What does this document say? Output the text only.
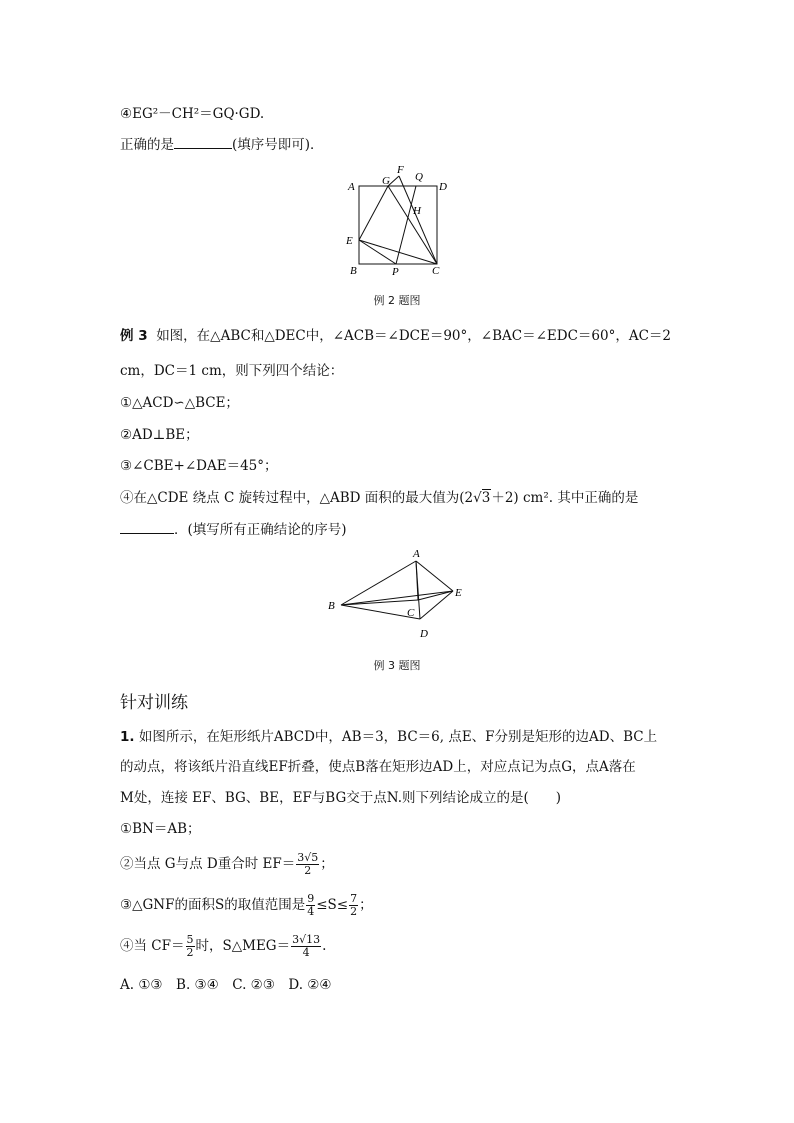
④EG²－CH²＝GQ·GD.
正确的是	(填序号即可)．
A
B	C
D
E
F
G
H
P
Q
例 2 题图
例 3 如图，在△ABC和△DEC中，∠ACB＝∠DCE＝90°，∠BAC＝∠EDC＝60°，AC＝2
cm，DC＝1 cm，则下列四个结论：
①△ACD∽△BCE；
②AD⊥BE；
③∠CBE+∠DAE＝45°；
④在△CDE 绕点 C 旋转过程中，△ABD 面积的最大值为(2√3＋2) cm². 其中正确的是
．(填写所有正确结论的序号)
A
B
C
D
E
例 3 题图
针对训练
1. 如图所示，在矩形纸片ABCD中，AB＝3，BC＝6, 点E、F分别是矩形的边AD、BC上
的动点，将该纸片沿直线EF折叠，使点B落在矩形边AD上，对应点记为点G，点A落在
M处，连接 EF、BG、BE，EF与BG交于点N.则下列结论成立的是(　　)
①BN＝AB；
②当点 G与点 D重合时 $EF= \frac{3√5}{2}$ ；
③△GNF的面积S的取值范围是 $\frac{9}{4} \le S\le \frac{7}{2}$ ；
④当 $CF= \frac{5}{2}$ 时，S△MEG＝ $\frac{3√13}{4}$ .
A. ①③　B. ③④　C. ②③　D. ②④
